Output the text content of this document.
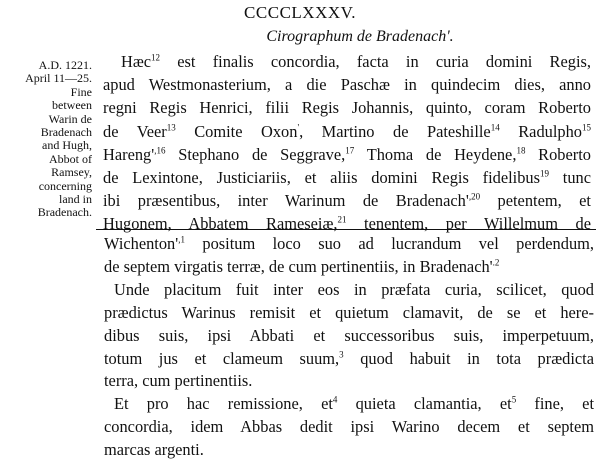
CCCCLXXXV.
Cirographum de Bradenach'.
A.D. 1221.
April 11—25.
Fine
between
Warin de
Bradenach
and Hugh,
Abbot of
Ramsey,
concerning
land in
Bradenach.
Hæc$^{12}$ est finalis concordia, facta in curia domini Regis,
apud Westmonasterium, a die Paschæ in quindecim dies, anno
regni Regis Henrici, filii Regis Johannis, quinto, coram Roberto
de Veer$^{13}$ Comite Oxon', Martino de Pateshille$^{14}$ Radulpho$^{15}$
$Hareng'^{,16}$ Stephano de Seggrave,$^{17}$ Thoma de Heydene,$^{18}$ Roberto
de Lexintone, Justiciariis, et aliis domini Regis fidelibus$^{19}$ tunc
ibi præsentibus, inter Warinum de $Bradenach'^{,20}$ petentem, et
Hugonem, Abbatem Rameseiæ,$^{21}$ tenentem, per Willelmum de
$Wichenton'^{,1}$ positum loco suo ad lucrandum vel perdendum,
de septem virgatis terræ, de cum pertinentiis, in $Bradenach'^{.2}$
Unde placitum fuit inter eos in præfata curia, scilicet, quod
prædictus Warinus remisit et quietum clamavit, de se et here-
dibus suis, ipsi Abbati et successoribus suis, imperpetuum,
totum jus et clameum suum,$^3$ quod habuit in tota prædicta
terra, cum pertinentiis.
Et pro hac remissione, $et^4$ quieta clamantia, $et^5$ fine, et
concordia, idem Abbas dedit ipsi Warino decem et septem
marcas argenti.
